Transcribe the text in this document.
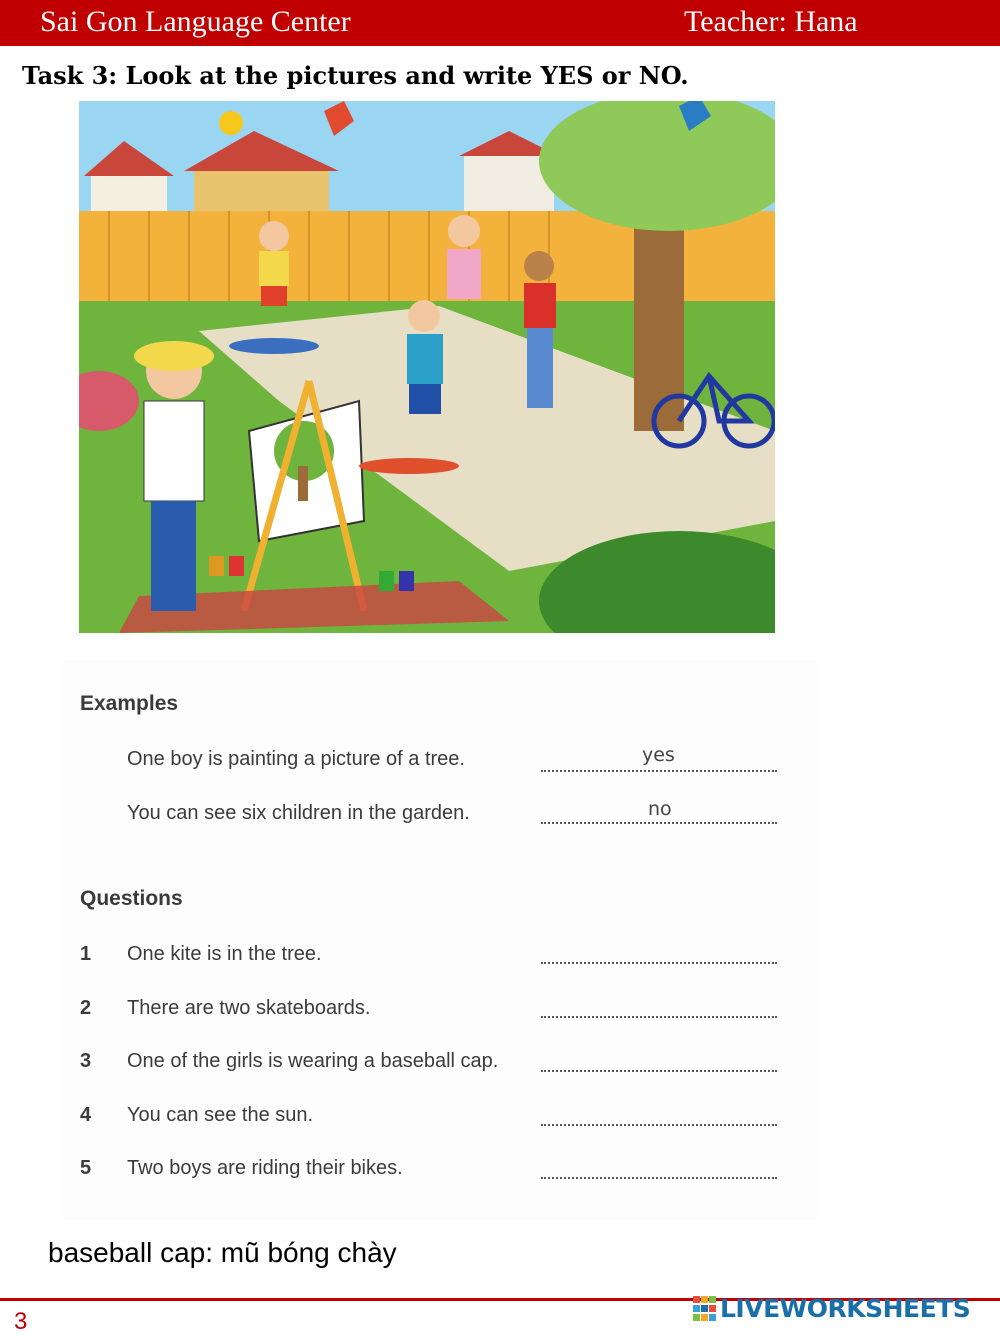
Sai Gon Language Center	Teacher: Hana
Task 3: Look at the pictures and write YES or NO.
Examples
One boy is painting a picture of a tree.	yes
You can see six children in the garden.	no
Questions
1 One kite is in the tree.
2 There are two skateboards.
3 One of the girls is wearing a baseball cap.
4 You can see the sun.
5 Two boys are riding their bikes.
baseball cap: mũ bóng chày
3	LIVEWORKSHEETS
